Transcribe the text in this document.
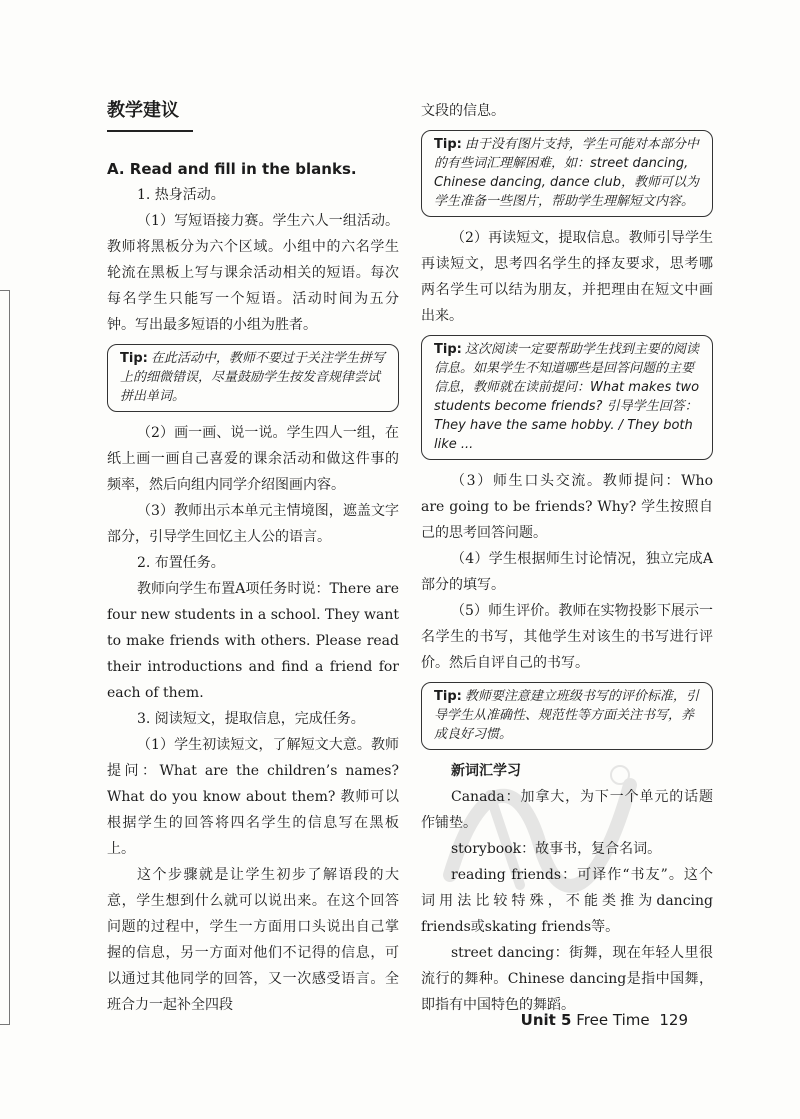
教学建议
A. Read and fill in the blanks.

1. 热身活动。

（1）写短语接力赛。学生六人一组活动。教师将黑板分为六个区域。小组中的六名学生轮流在黑板上写与课余活动相关的短语。每次每名学生只能写一个短语。活动时间为五分钟。写出最多短语的小组为胜者。

Tip: 在此活动中，教师不要过于关注学生拼写上的细微错误，尽量鼓励学生按发音规律尝试拼出单词。

（2）画一画、说一说。学生四人一组，在纸上画一画自己喜爱的课余活动和做这件事的频率，然后向组内同学介绍图画内容。

（3）教师出示本单元主情境图，遮盖文字部分，引导学生回忆主人公的语言。

2. 布置任务。

教师向学生布置A项任务时说：There are four new students in a school. They want to make friends with others. Please read their introductions and find a friend for each of them.

3. 阅读短文，提取信息，完成任务。

（1）学生初读短文，了解短文大意。教师提问：What are the children’s names? What do you know about them? 教师可以根据学生的回答将四名学生的信息写在黑板上。

这个步骤就是让学生初步了解语段的大意，学生想到什么就可以说出来。在这个回答问题的过程中，学生一方面用口头说出自己掌握的信息，另一方面对他们不记得的信息，可以通过其他同学的回答，又一次感受语言。全班合力一起补全四段

文段的信息。

Tip: 由于没有图片支持，学生可能对本部分中的有些词汇理解困难，如：street dancing, Chinese dancing, dance club，教师可以为学生准备一些图片，帮助学生理解短文内容。

（2）再读短文，提取信息。教师引导学生再读短文，思考四名学生的择友要求，思考哪两名学生可以结为朋友，并把理由在短文中画出来。

Tip: 这次阅读一定要帮助学生找到主要的阅读信息。如果学生不知道哪些是回答问题的主要信息，教师就在读前提问：What makes two students become friends? 引导学生回答：They have the same hobby. / They both like ...

（3）师生口头交流。教师提问：Who are going to be friends? Why? 学生按照自己的思考回答问题。

（4）学生根据师生讨论情况，独立完成A部分的填写。

（5）师生评价。教师在实物投影下展示一名学生的书写，其他学生对该生的书写进行评价。然后自评自己的书写。

Tip: 教师要注意建立班级书写的评价标准，引导学生从准确性、规范性等方面关注书写，养成良好习惯。
新词汇学习

Canada：加拿大，为下一个单元的话题作铺垫。

storybook：故事书，复合名词。

reading friends：可译作“书友”。这个词用法比较特殊，不能类推为dancing friends或skating friends等。

street dancing：街舞，现在年轻人里很流行的舞种。Chinese dancing是指中国舞，即指有中国特色的舞蹈。

Unit 5 Free Time 129
